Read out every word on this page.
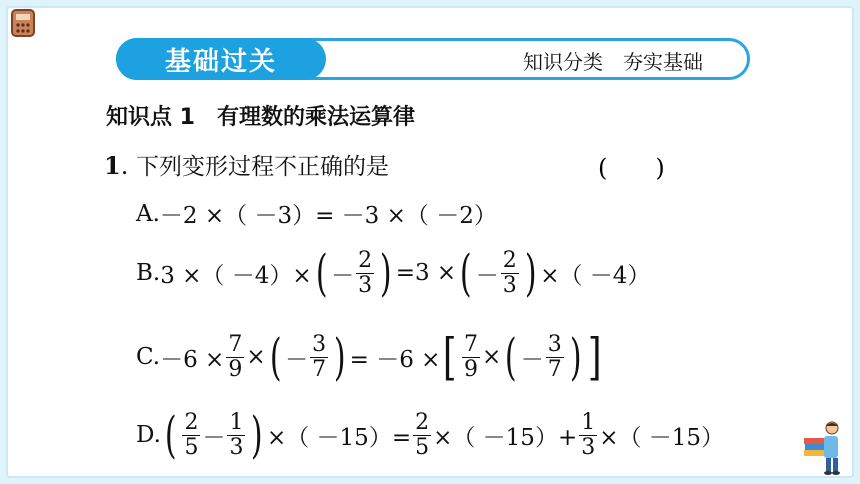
基础过关	知识分类　夯实基础
知识点 1　有理数的乘法运算律
1. 下列变形过程不正确的是	(　　)
A. －2 ×（ －3）= －3 ×（ －2）
B. 3 ×（ －4）× ( － $\frac{2}{3}$ ) =3 × ( － $\frac{2}{3}$ ) ×（ －4）
C. $-6 \times \frac{7}{9}$ × ( － $\frac{3}{7}$ ) = －6 × [ $\frac{7}{9}$ × ( － $\frac{3}{7}$ ) ]
D. ( $\frac{2}{5} - \frac{1}{3}$ ) ×（ $-15)= \frac{2}{5}$ ×（ $-15)+ \frac{1}{3}$ ×（ －15）
